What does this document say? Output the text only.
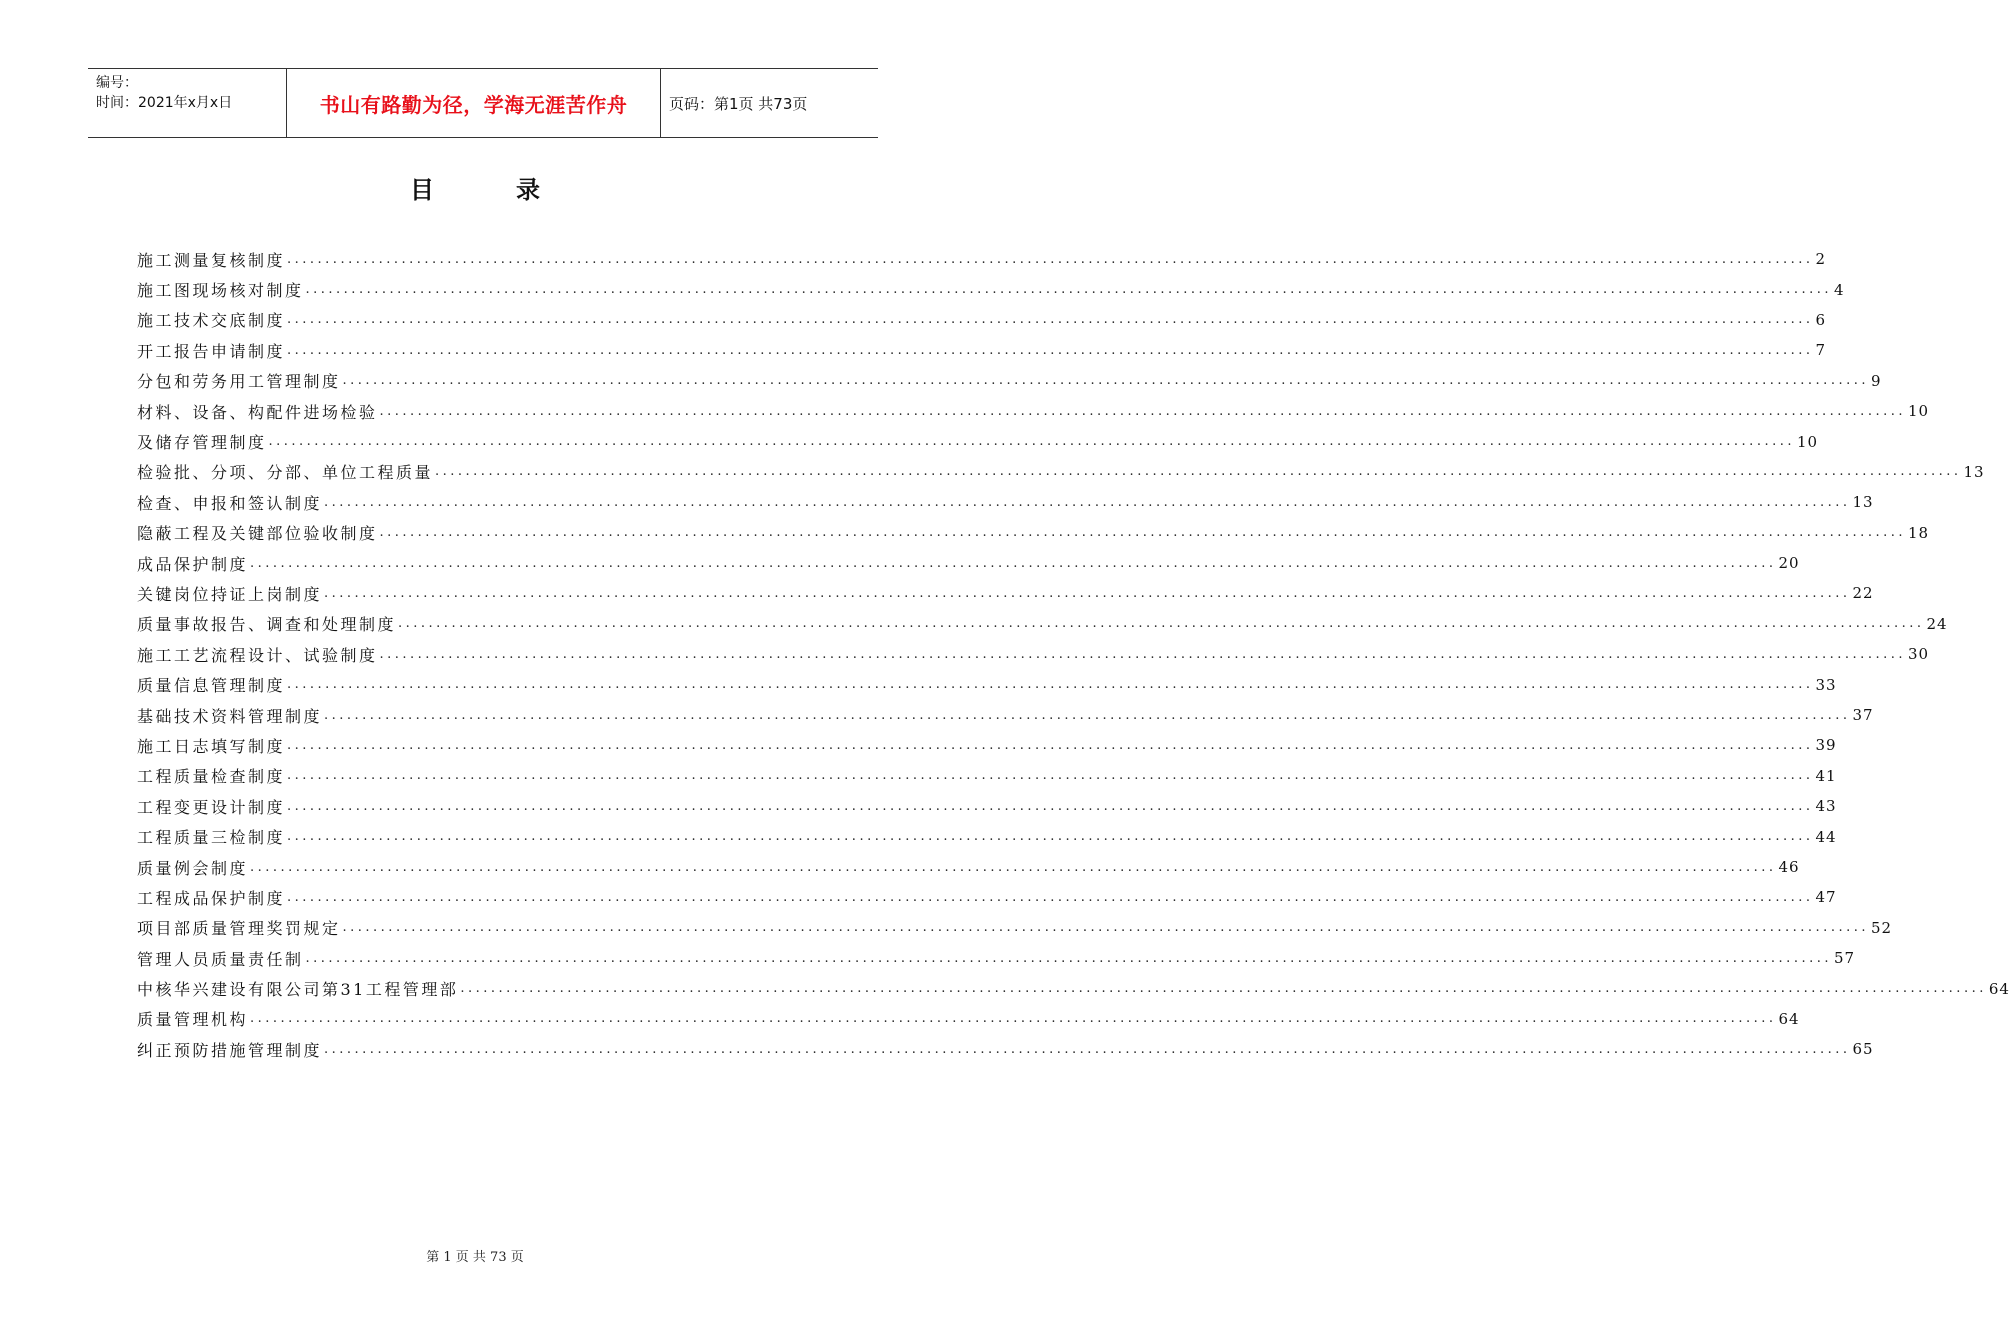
编号：
时间：2021年x月x日	书山有路勤为径，学海无涯苦作舟	页码：第1页 共73页
目	录
施工测量复核制度 ........................................................................................................................................................................................................ 2
施工图现场核对制度 ........................................................................................................................................................................................................ 4
施工技术交底制度 ........................................................................................................................................................................................................ 6
开工报告申请制度 ........................................................................................................................................................................................................ 7
分包和劳务用工管理制度 ........................................................................................................................................................................................................ 9
材料、设备、构配件进场检验 ........................................................................................................................................................................................................ 10
及储存管理制度 ........................................................................................................................................................................................................ 10
检验批、分项、分部、单位工程质量 ........................................................................................................................................................................................................ 13
检查、申报和签认制度 ........................................................................................................................................................................................................ 13
隐蔽工程及关键部位验收制度 ........................................................................................................................................................................................................ 18
成品保护制度 ........................................................................................................................................................................................................ 20
关键岗位持证上岗制度 ........................................................................................................................................................................................................ 22
质量事故报告、调查和处理制度 ........................................................................................................................................................................................................ 24
施工工艺流程设计、试验制度 ........................................................................................................................................................................................................ 30
质量信息管理制度 ........................................................................................................................................................................................................ 33
基础技术资料管理制度 ........................................................................................................................................................................................................ 37
施工日志填写制度 ........................................................................................................................................................................................................ 39
工程质量检查制度 ........................................................................................................................................................................................................ 41
工程变更设计制度 ........................................................................................................................................................................................................ 43
工程质量三检制度 ........................................................................................................................................................................................................ 44
质量例会制度 ........................................................................................................................................................................................................ 46
工程成品保护制度 ........................................................................................................................................................................................................ 47
项目部质量管理奖罚规定 ........................................................................................................................................................................................................ 52
管理人员质量责任制 ........................................................................................................................................................................................................ 57
中核华兴建设有限公司第31工程管理部 ........................................................................................................................................................................................................ 64
质量管理机构 ........................................................................................................................................................................................................ 64
纠正预防措施管理制度 ........................................................................................................................................................................................................ 65
第 1 页 共 73 页
